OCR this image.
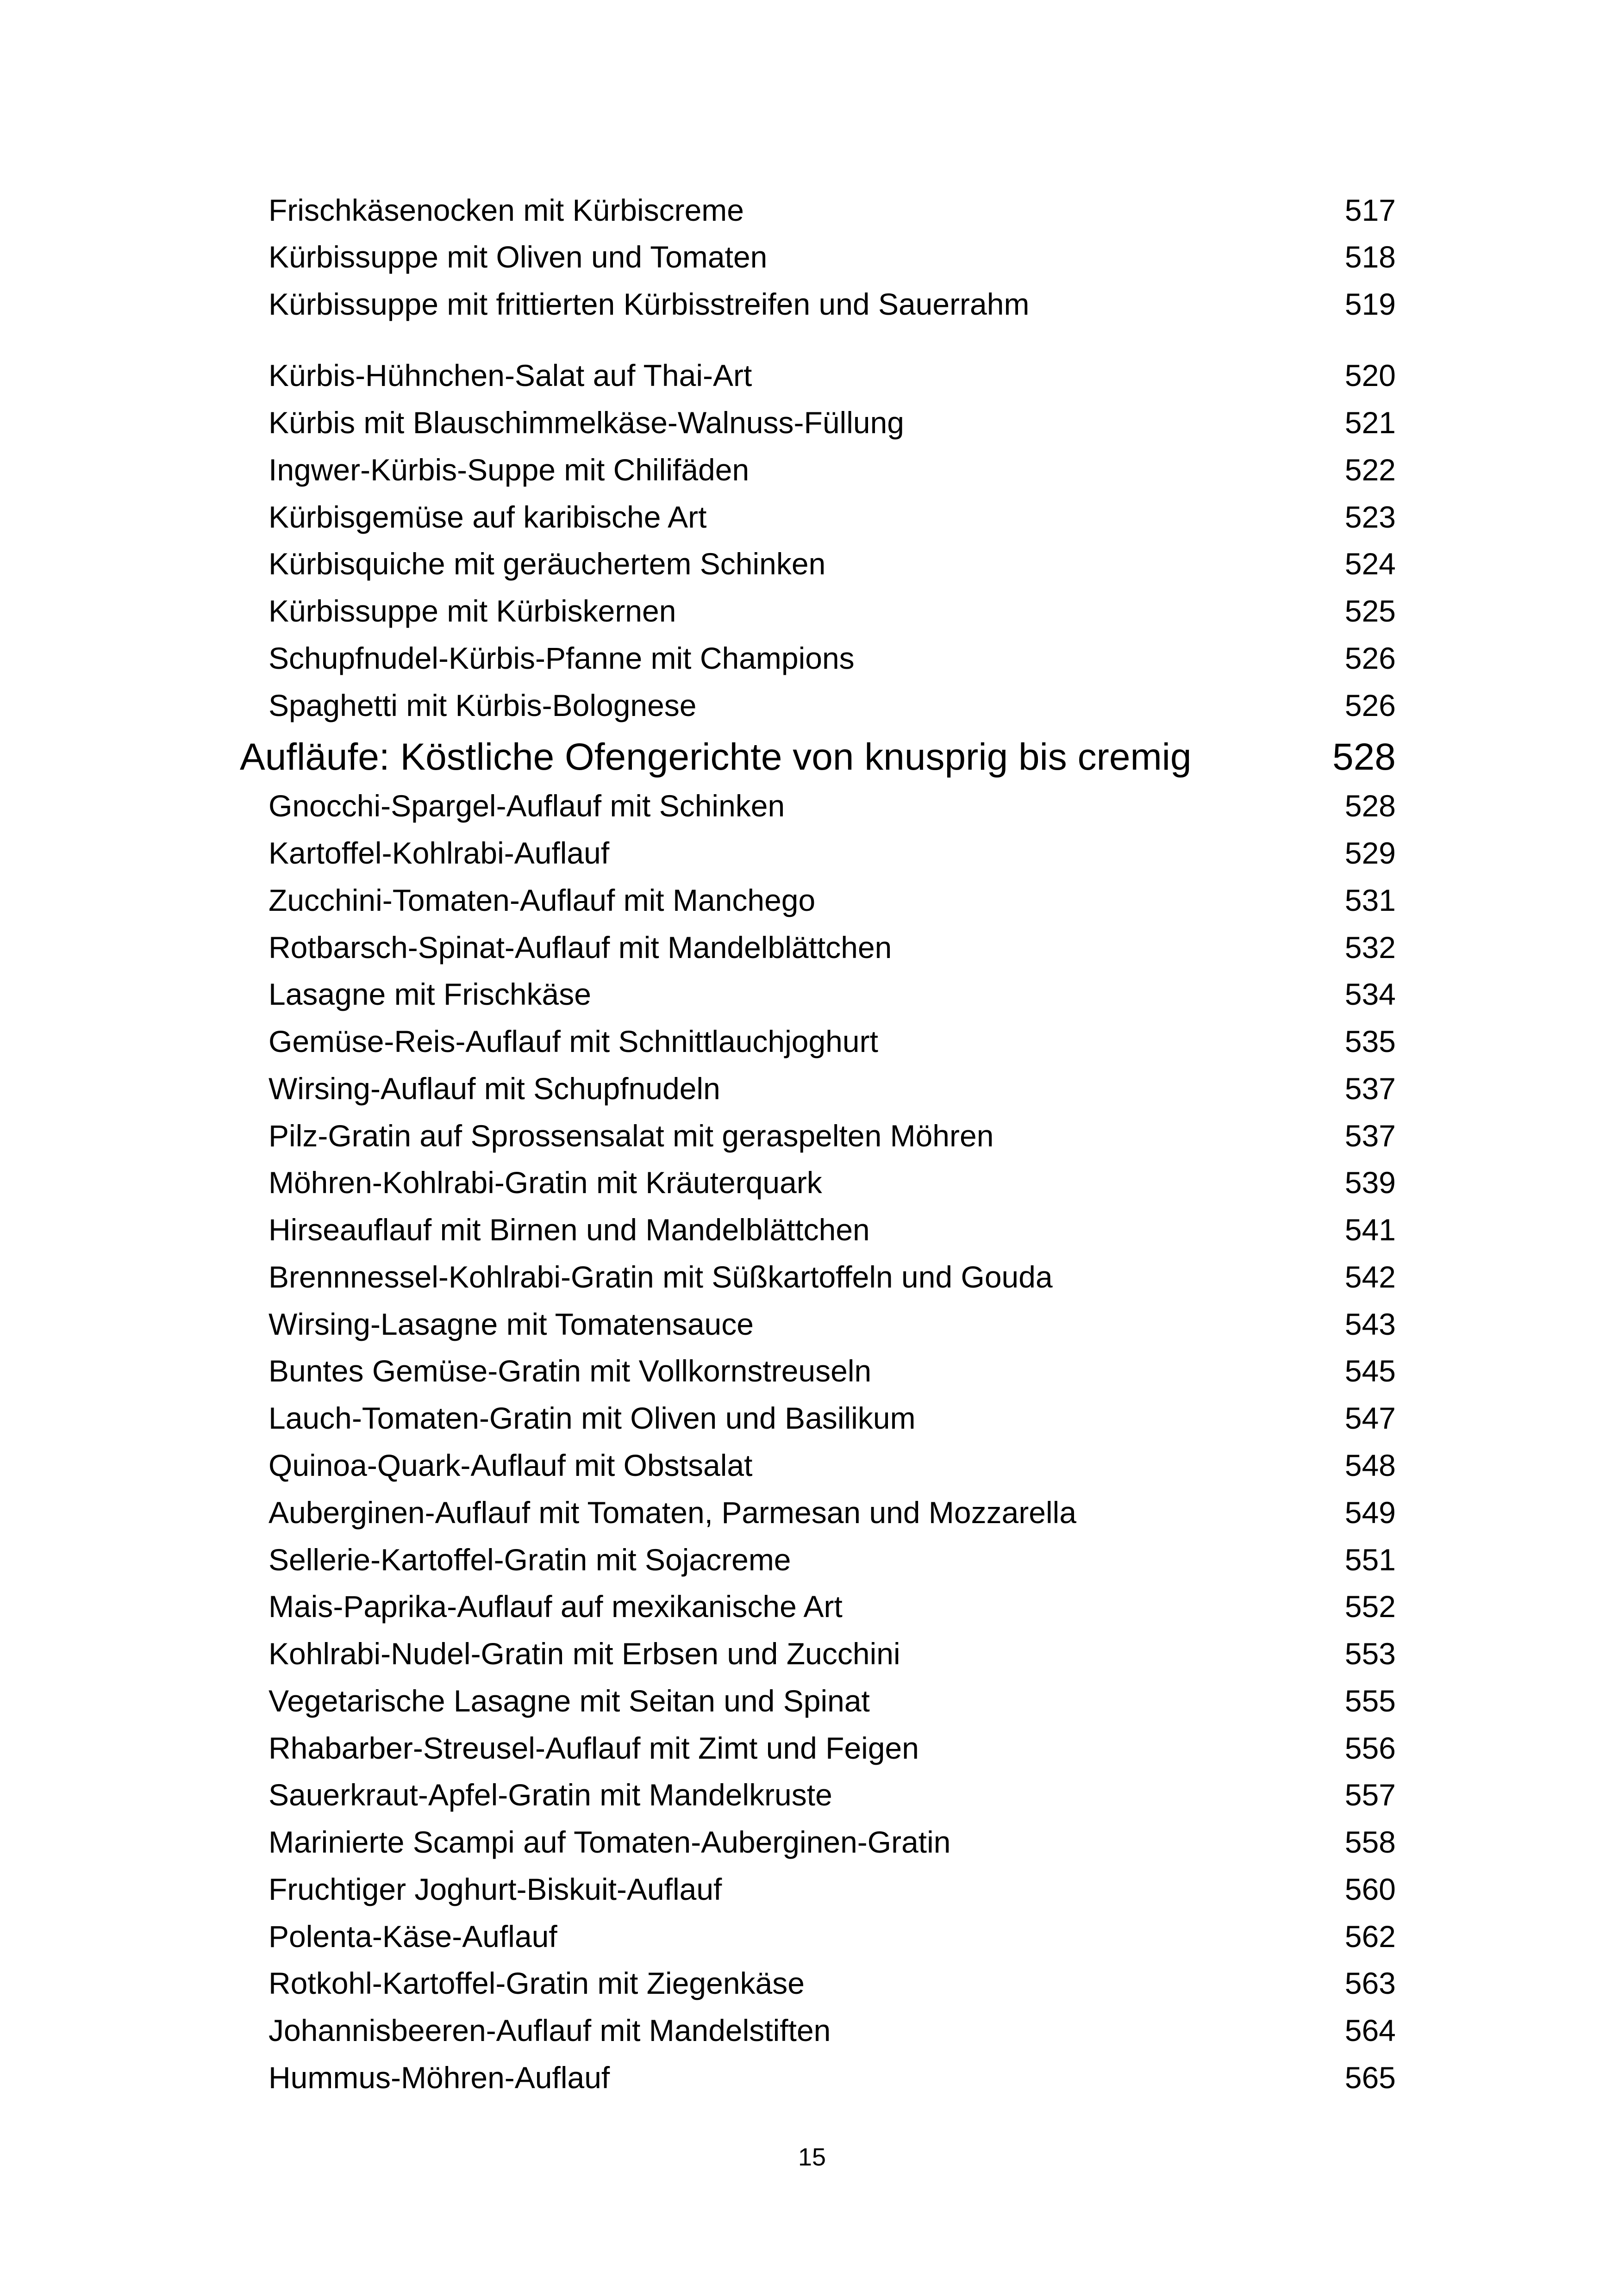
Frischkäsenocken mit Kürbiscreme	517
Kürbissuppe mit Oliven und Tomaten	518
Kürbissuppe mit frittierten Kürbisstreifen und Sauerrahm	519
Kürbis-Hühnchen-Salat auf Thai-Art	520
Kürbis mit Blauschimmelkäse-Walnuss-Füllung	521
Ingwer-Kürbis-Suppe mit Chilifäden	522
Kürbisgemüse auf karibische Art	523
Kürbisquiche mit geräuchertem Schinken	524
Kürbissuppe mit Kürbiskernen	525
Schupfnudel-Kürbis-Pfanne mit Champions	526
Spaghetti mit Kürbis-Bolognese	526
Aufläufe: Köstliche Ofengerichte von knusprig bis cremig	528
Gnocchi-Spargel-Auflauf mit Schinken	528
Kartoffel-Kohlrabi-Auflauf	529
Zucchini-Tomaten-Auflauf mit Manchego	531
Rotbarsch-Spinat-Auflauf mit Mandelblättchen	532
Lasagne mit Frischkäse	534
Gemüse-Reis-Auflauf mit Schnittlauchjoghurt	535
Wirsing-Auflauf mit Schupfnudeln	537
Pilz-Gratin auf Sprossensalat mit geraspelten Möhren	537
Möhren-Kohlrabi-Gratin mit Kräuterquark	539
Hirseauflauf mit Birnen und Mandelblättchen	541
Brennnessel-Kohlrabi-Gratin mit Süßkartoffeln und Gouda	542
Wirsing-Lasagne mit Tomatensauce	543
Buntes Gemüse-Gratin mit Vollkornstreuseln	545
Lauch-Tomaten-Gratin mit Oliven und Basilikum	547
Quinoa-Quark-Auflauf mit Obstsalat	548
Auberginen-Auflauf mit Tomaten, Parmesan und Mozzarella	549
Sellerie-Kartoffel-Gratin mit Sojacreme	551
Mais-Paprika-Auflauf auf mexikanische Art	552
Kohlrabi-Nudel-Gratin mit Erbsen und Zucchini	553
Vegetarische Lasagne mit Seitan und Spinat	555
Rhabarber-Streusel-Auflauf mit Zimt und Feigen	556
Sauerkraut-Apfel-Gratin mit Mandelkruste	557
Marinierte Scampi auf Tomaten-Auberginen-Gratin	558
Fruchtiger Joghurt-Biskuit-Auflauf	560
Polenta-Käse-Auflauf	562
Rotkohl-Kartoffel-Gratin mit Ziegenkäse	563
Johannisbeeren-Auflauf mit Mandelstiften	564
Hummus-Möhren-Auflauf	565
15
